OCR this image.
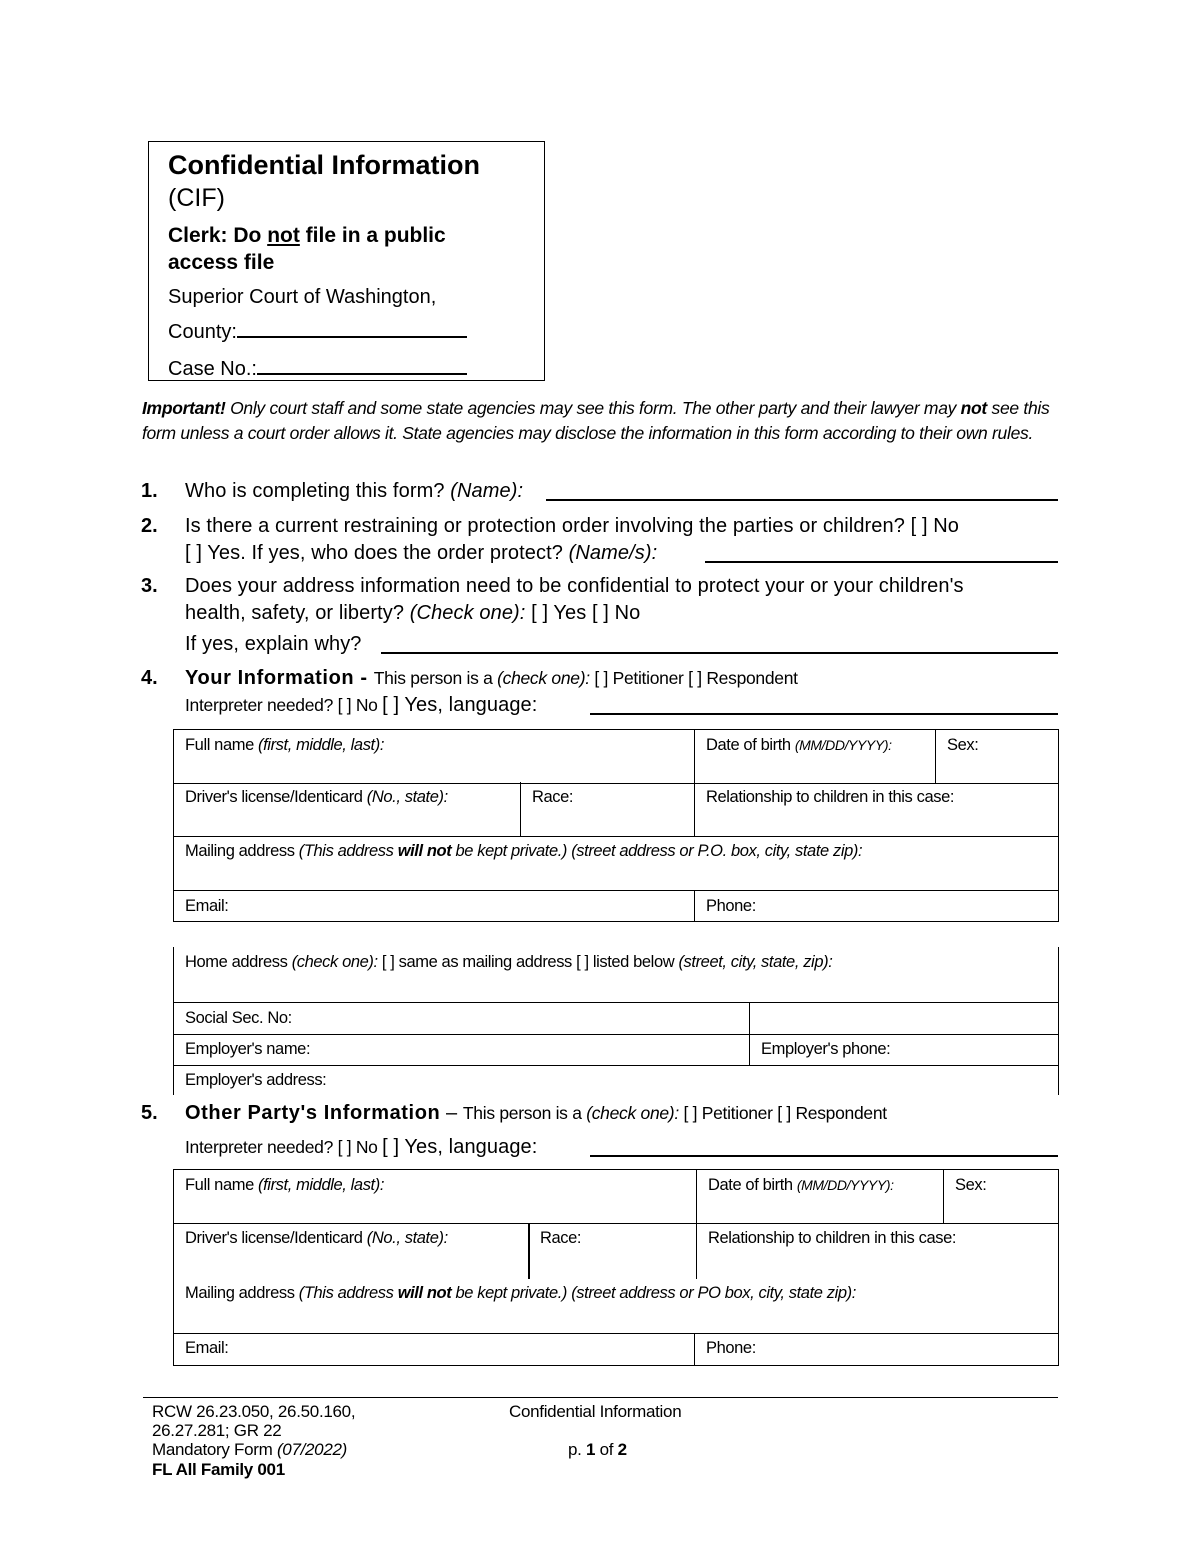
Confidential Information
(CIF)
Clerk: Do not file in a public access file
Superior Court of Washington,
County:
Case No.:
Important! Only court staff and some state agencies may see this form. The other party and their lawyer may not see this form unless a court order allows it. State agencies may disclose the information in this form according to their own rules.
1. Who is completing this form? (Name):
2. Is there a current restraining or protection order involving the parties or children? [ ] No
[ ] Yes. If yes, who does the order protect? (Name/s):
3. Does your address information need to be confidential to protect your or your children's
health, safety, or liberty? (Check one): [ ] Yes [ ] No
If yes, explain why?
4. Your Information - This person is a (check one): [ ] Petitioner [ ] Respondent
Interpreter needed? [ ] No [ ] Yes, language:
Full name (first, middle, last):	Date of birth (MM/DD/YYYY):	Sex:
Driver's license/Identicard (No., state):	Race:	Relationship to children in this case:
Mailing address (This address will not be kept private.) (street address or P.O. box, city, state zip):
Email:	Phone:
Home address (check one): [ ] same as mailing address [ ] listed below (street, city, state, zip):
Social Sec. No:
Employer's name:	Employer's phone:
Employer's address:
5. Other Party's Information – This person is a (check one): [ ] Petitioner [ ] Respondent
Interpreter needed? [ ] No [ ] Yes, language:
Full name (first, middle, last):	Date of birth (MM/DD/YYYY):	Sex:
Driver's license/Identicard (No., state):	Race:	Relationship to children in this case:
Mailing address (This address will not be kept private.) (street address or PO box, city, state zip):
Email:	Phone:
RCW 26.23.050, 26.50.160,
26.27.281; GR 22
Mandatory Form (07/2022)
FL All Family 001
Confidential Information
p. 1 of 2
